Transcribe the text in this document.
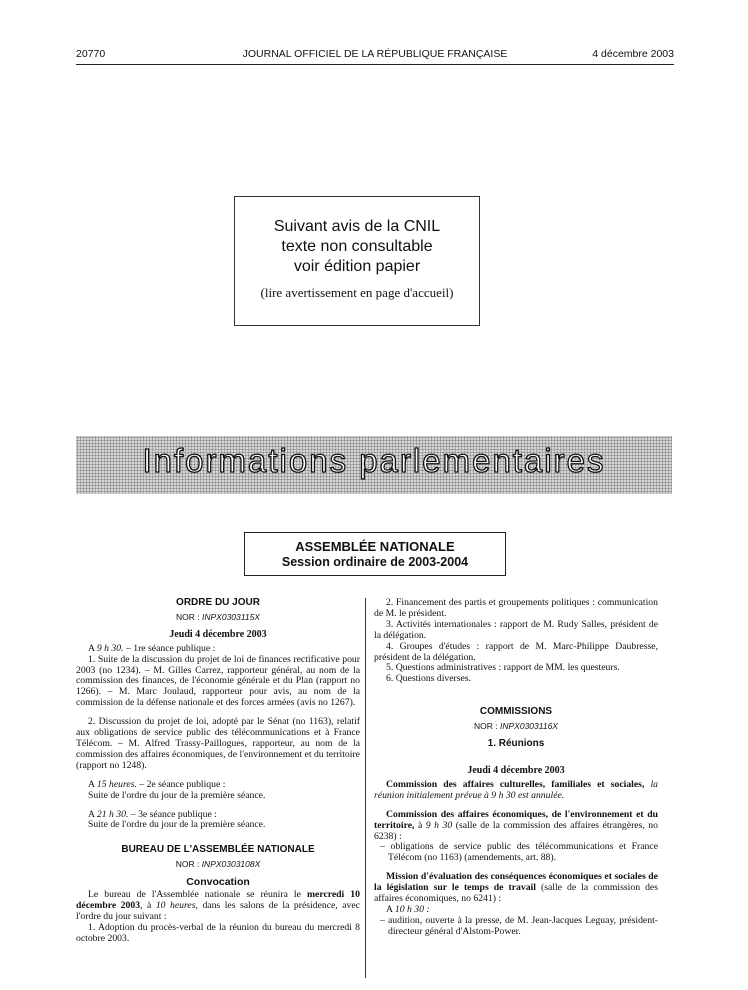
20770	JOURNAL OFFICIEL DE LA RÉPUBLIQUE FRANÇAISE	4 décembre 2003
Suivant avis de la CNIL
texte non consultable
voir édition papier
(lire avertissement en page d'accueil)
Informations parlementaires
ASSEMBLÉE NATIONALE
Session ordinaire de 2003-2004

ORDRE DU JOUR

NOR : INPX0303115X

Jeudi 4 décembre 2003

A 9 h 30. – 1re séance publique :

1. Suite de la discussion du projet de loi de finances rectificative pour 2003 (no 1234). – M. Gilles Carrez, rapporteur général, au nom de la commission des finances, de l'économie générale et du Plan (rapport no 1266). – M. Marc Joulaud, rapporteur pour avis, au nom de la commission de la défense nationale et des forces armées (avis no 1267).

2. Discussion du projet de loi, adopté par le Sénat (no 1163), relatif aux obligations de service public des télécommunications et à France Télécom. – M. Alfred Trassy-Paillogues, rapporteur, au nom de la commission des affaires économiques, de l'environnement et du territoire (rapport no 1248).

A 15 heures. – 2e séance publique :

Suite de l'ordre du jour de la première séance.

A 21 h 30. – 3e séance publique :

Suite de l'ordre du jour de la première séance.

BUREAU DE L'ASSEMBLÉE NATIONALE

NOR : INPX0303108X

Convocation

Le bureau de l'Assemblée nationale se réunira le mercredi 10 décembre 2003, à 10 heures, dans les salons de la présidence, avec l'ordre du jour suivant :

1. Adoption du procès-verbal de la réunion du bureau du mercredi 8 octobre 2003.

2. Financement des partis et groupements politiques : communication de M. le président.

3. Activités internationales : rapport de M. Rudy Salles, président de la délégation.

4. Groupes d'études : rapport de M. Marc-Philippe Daubresse, président de la délégation.

5. Questions administratives : rapport de MM. les questeurs.

6. Questions diverses.

COMMISSIONS

NOR : INPX0303116X

1. Réunions

Jeudi 4 décembre 2003

Commission des affaires culturelles, familiales et sociales, la réunion initialement prévue à 9 h 30 est annulée.

Commission des affaires économiques, de l'environnement et du territoire, à 9 h 30 (salle de la commission des affaires étrangères, no 6238) :

– obligations de service public des télécommunications et France Télécom (no 1163) (amendements, art. 88).

Mission d'évaluation des conséquences économiques et sociales de la législation sur le temps de travail (salle de la commission des affaires économiques, no 6241) :

A 10 h 30 :

– audition, ouverte à la presse, de M. Jean-Jacques Leguay, président-directeur général d'Alstom-Power.
